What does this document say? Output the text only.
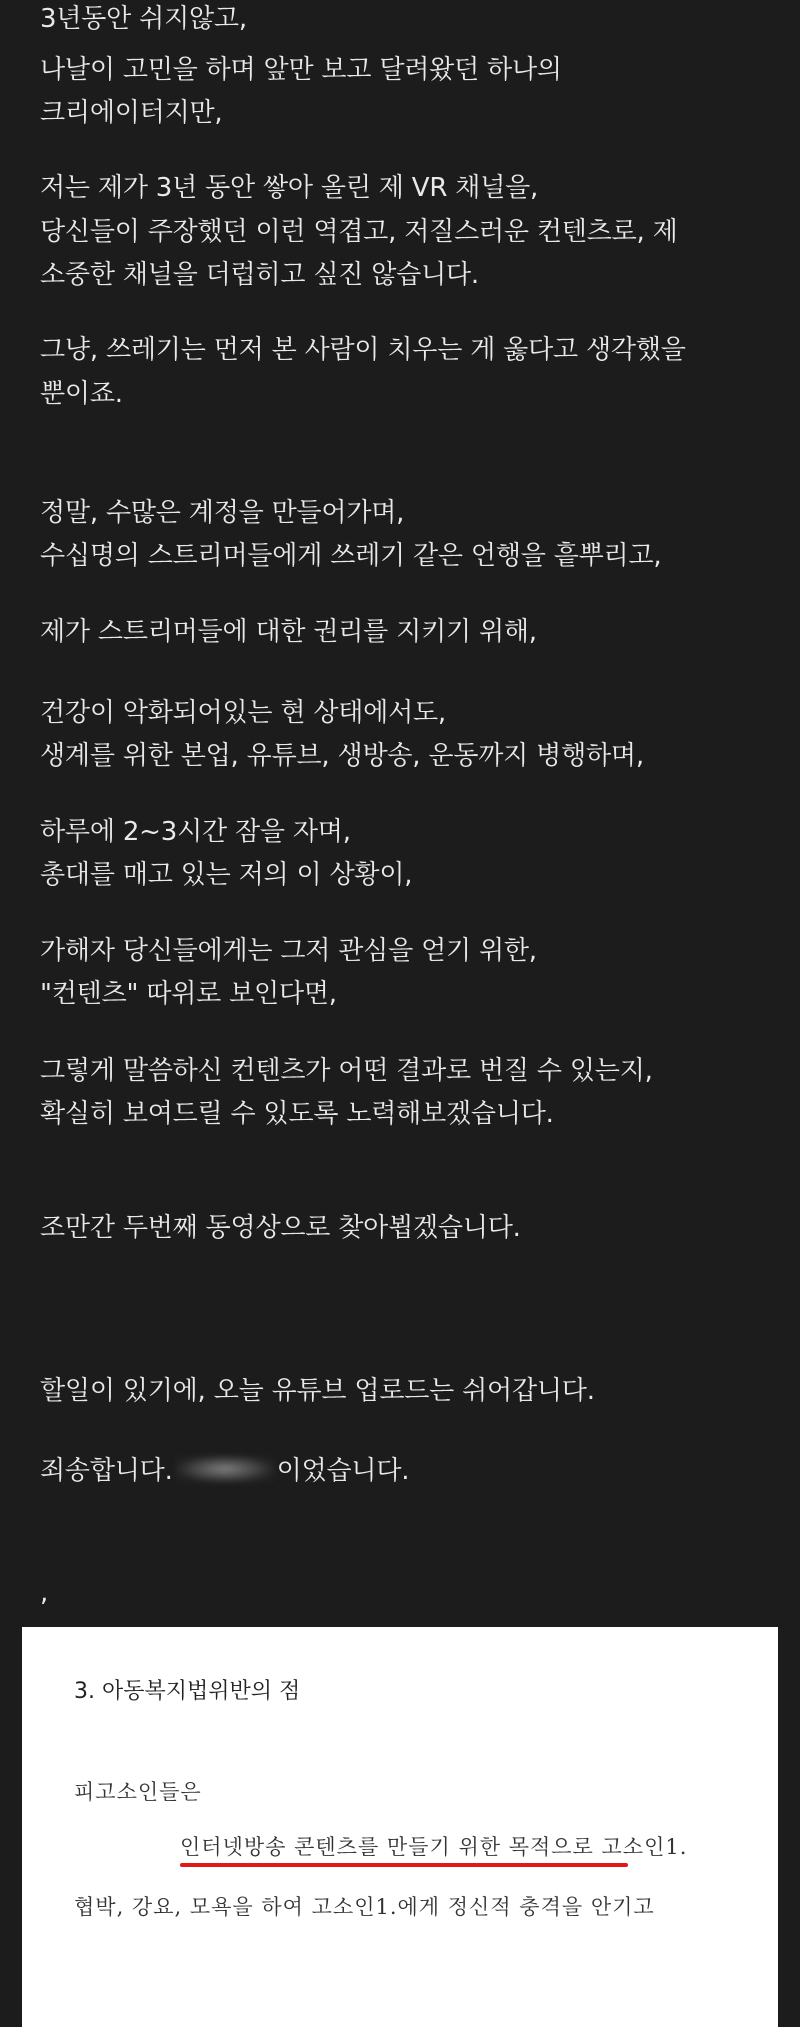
3년동안 쉬지않고,
나날이 고민을 하며 앞만 보고 달려왔던 하나의
크리에이터지만,
저는 제가 3년 동안 쌓아 올린 제 VR 채널을,
당신들이 주장했던 이런 역겹고, 저질스러운 컨텐츠로, 제
소중한 채널을 더럽히고 싶진 않습니다.
그냥, 쓰레기는 먼저 본 사람이 치우는 게 옳다고 생각했을
뿐이죠.
정말, 수많은 계정을 만들어가며,
수십명의 스트리머들에게 쓰레기 같은 언행을 흩뿌리고,
제가 스트리머들에 대한 권리를 지키기 위해,
건강이 악화되어있는 현 상태에서도,
생계를 위한 본업, 유튜브, 생방송, 운동까지 병행하며,
하루에 2~3시간 잠을 자며,
총대를 매고 있는 저의 이 상황이,
가해자 당신들에게는 그저 관심을 얻기 위한,
"컨텐츠" 따위로 보인다면,
그렇게 말씀하신 컨텐츠가 어떤 결과로 번질 수 있는지,
확실히 보여드릴 수 있도록 노력해보겠습니다.
조만간 두번째 동영상으로 찾아뵙겠습니다.
할일이 있기에, 오늘 유튜브 업로드는 쉬어갑니다.
죄송합니다.	이었습니다.
,
3. 아동복지법위반의 점
피고소인들은
인터넷방송 콘텐츠를 만들기 위한 목적으로 고소인1.
협박, 강요, 모욕을 하여 고소인1.에게 정신적 충격을 안기고
